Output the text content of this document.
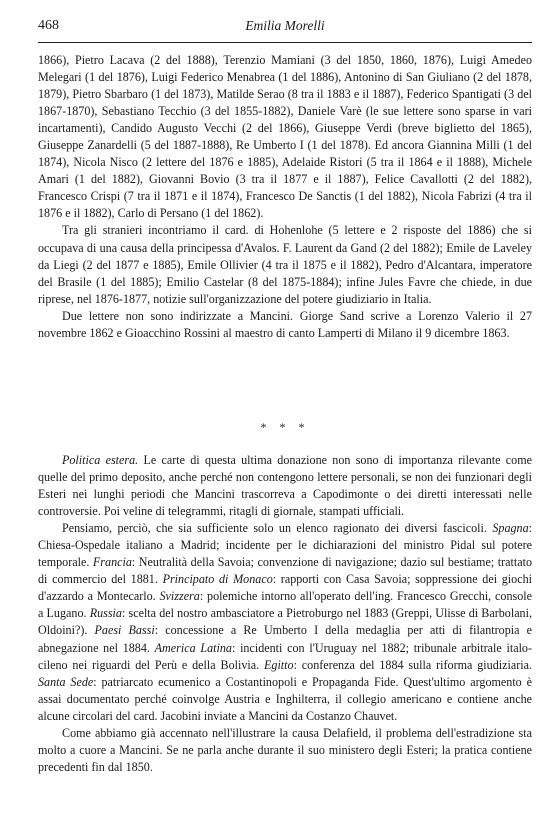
468	Emilia Morelli

1866), Pietro Lacava (2 del 1888), Terenzio Mamiani (3 del 1850, 1860, 1876), Luigi Amedeo Melegari (1 del 1876), Luigi Federico Menabrea (1 del 1886), Antonino di San Giuliano (2 del 1878, 1879), Pietro Sbarbaro (1 del 1873), Matilde Serao (8 tra il 1883 e il 1887), Federico Spantigati (3 del 1867-1870), Sebastiano Tecchio (3 del 1855-1882), Daniele Varè (le sue lettere sono sparse in vari incartamenti), Candido Augusto Vecchi (2 del 1866), Giuseppe Verdi (breve biglietto del 1865), Giuseppe Zanardelli (5 del 1887-1888), Re Umberto I (1 del 1878). Ed ancora Giannina Milli (1 del 1874), Nicola Nisco (2 lettere del 1876 e 1885), Adelaide Ristori (5 tra il 1864 e il 1888), Michele Amari (1 del 1882), Giovanni Bovio (3 tra il 1877 e il 1887), Felice Cavallotti (2 del 1882), Francesco Crispi (7 tra il 1871 e il 1874), Francesco De Sanctis (1 del 1882), Nicola Fabrizi (4 tra il 1876 e il 1882), Carlo di Persano (1 del 1862).

Tra gli stranieri incontriamo il card. di Hohenlohe (5 lettere e 2 risposte del 1886) che si occupava di una causa della principessa d'Avalos. F. Laurent da Gand (2 del 1882); Emile de Laveley da Liegi (2 del 1877 e 1885), Emile Ollivier (4 tra il 1875 e il 1882), Pedro d'Alcantara, imperatore del Brasile (1 del 1885); Emilio Castelar (8 del 1875-1884); infine Jules Favre che chiede, in due riprese, nel 1876-1877, notizie sull'organizzazione del potere giudiziario in Italia.

Due lettere non sono indirizzate a Mancini. Giorge Sand scrive a Lorenzo Valerio il 27 novembre 1862 e Gioacchino Rossini al maestro di canto Lamperti di Milano il 9 dicembre 1863.

* * *

Politica estera. Le carte di questa ultima donazione non sono di importanza rilevante come quelle del primo deposito, anche perché non contengono lettere personali, se non dei funzionari degli Esteri nei lunghi periodi che Mancini trascorreva a Capodimonte o dei diretti interessati nelle controversie. Poi veline di telegrammi, ritagli di giornale, stampati ufficiali.

Pensiamo, perciò, che sia sufficiente solo un elenco ragionato dei diversi fascicoli. Spagna: Chiesa-Ospedale italiano a Madrid; incidente per le dichiarazioni del ministro Pidal sul potere temporale. Francia: Neutralità della Savoia; convenzione di navigazione; dazio sul bestiame; trattato di commercio del 1881. Principato di Monaco: rapporti con Casa Savoia; soppressione dei giochi d'azzardo a Montecarlo. Svizzera: polemiche intorno all'operato dell'ing. Francesco Grecchi, console a Lugano. Russia: scelta del nostro ambasciatore a Pietroburgo nel 1883 (Greppi, Ulisse di Barbolani, Oldoini?). Paesi Bassi: concessione a Re Umberto I della medaglia per atti di filantropia e abnegazione nel 1884. America Latina: incidenti con l'Uruguay nel 1882; tribunale arbitrale italo-cileno nei riguardi del Perù e della Bolivia. Egitto: conferenza del 1884 sulla riforma giudiziaria. Santa Sede: patriarcato ecumenico a Costantinopoli e Propaganda Fide. Quest'ultimo argomento è assai documentato perché coinvolge Austria e Inghilterra, il collegio americano e contiene anche alcune circolari del card. Jacobini inviate a Mancini da Costanzo Chauvet.

Come abbiamo già accennato nell'illustrare la causa Delafield, il problema dell'estradizione sta molto a cuore a Mancini. Se ne parla anche durante il suo ministero degli Esteri; la pratica contiene precedenti fin dal 1850.
